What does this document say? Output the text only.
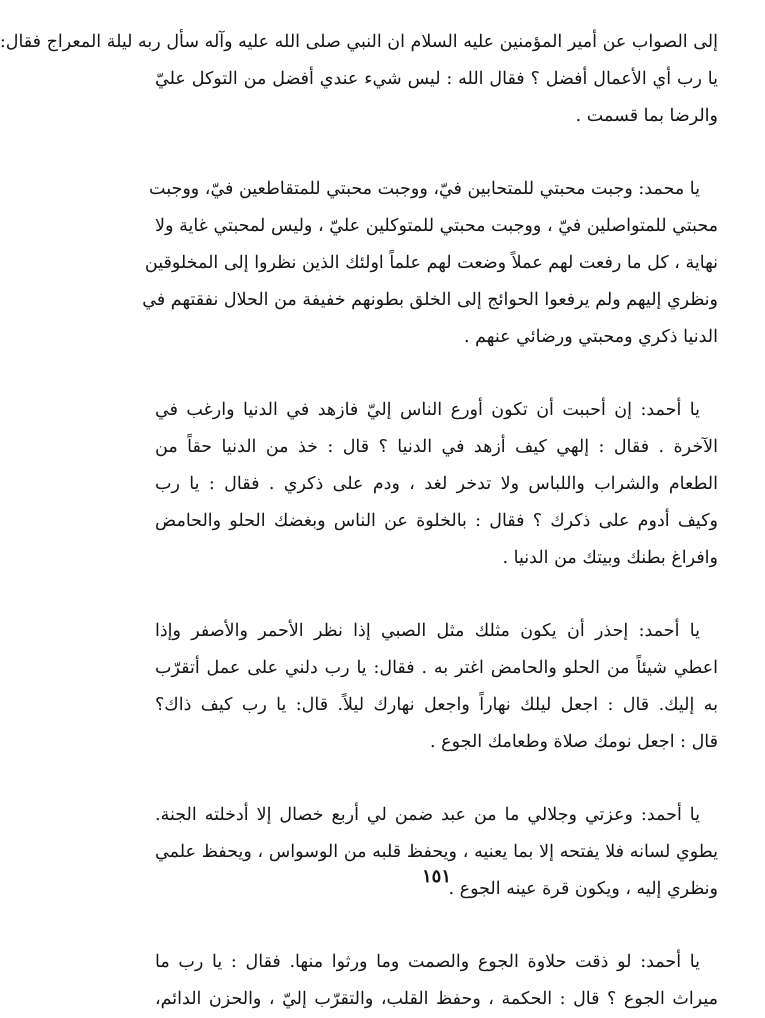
إلى الصواب عن أمير المؤمنين عليه السلام ان النبي صلى الله عليه وآله سأل ربه ليلة المعراج فقال:
يا رب أي الأعمال أفضل ؟ فقال الله : ليس شيء عندي أفضل من التوكل عليّ
والرضا بما قسمت .
يا محمد: وجبت محبتي للمتحابين فيّ، ووجبت محبتي للمتقاطعين فيّ، ووجبت
محبتي للمتواصلين فيّ ، ووجبت محبتي للمتوكلين عليّ ، وليس لمحبتي غاية ولا
نهاية ، كل ما رفعت لهم عملاً وضعت لهم علماً اولئك الذين نظروا إلى المخلوقين
ونظري إليهم ولم يرفعوا الحوائج إلى الخلق بطونهم خفيفة من الحلال نفقتهم في
الدنيا ذكري ومحبتي ورضائي عنهم .
يا أحمد: إن أحببت أن تكون أورع الناس إليّ فازهد في الدنيا وارغب في
الآخرة . فقال : إلهي كيف أزهد في الدنيا ؟ قال : خذ من الدنيا حقاً من
الطعام والشراب واللباس ولا تدخر لغد ، ودم على ذكري . فقال : يا رب
وكيف أدوم على ذكرك ؟ فقال : بالخلوة عن الناس وبغضك الحلو والحامض
وافراغ بطنك وبيتك من الدنيا .
يا أحمد: إحذر أن يكون مثلك مثل الصبي إذا نظر الأحمر والأصفر وإذا
اعطي شيئاً من الحلو والحامض اغتر به . فقال: يا رب دلني على عمل أتقرّب
به إليك. قال : اجعل ليلك نهاراً واجعل نهارك ليلاً. قال: يا رب كيف ذاك؟
قال : اجعل نومك صلاة وطعامك الجوع .
يا أحمد: وعزتي وجلالي ما من عبد ضمن لي أربع خصال إلا أدخلته الجنة.
يطوي لسانه فلا يفتحه إلا بما يعنيه ، ويحفظ قلبه من الوسواس ، ويحفظ علمي
ونظري إليه ، ويكون قرة عينه الجوع .
يا أحمد: لو ذقت حلاوة الجوع والصمت وما ورثوا منها. فقال : يا رب ما
ميراث الجوع ؟ قال : الحكمة ، وحفظ القلب، والتقرّب إليّ ، والحزن الدائم،
١٥١
